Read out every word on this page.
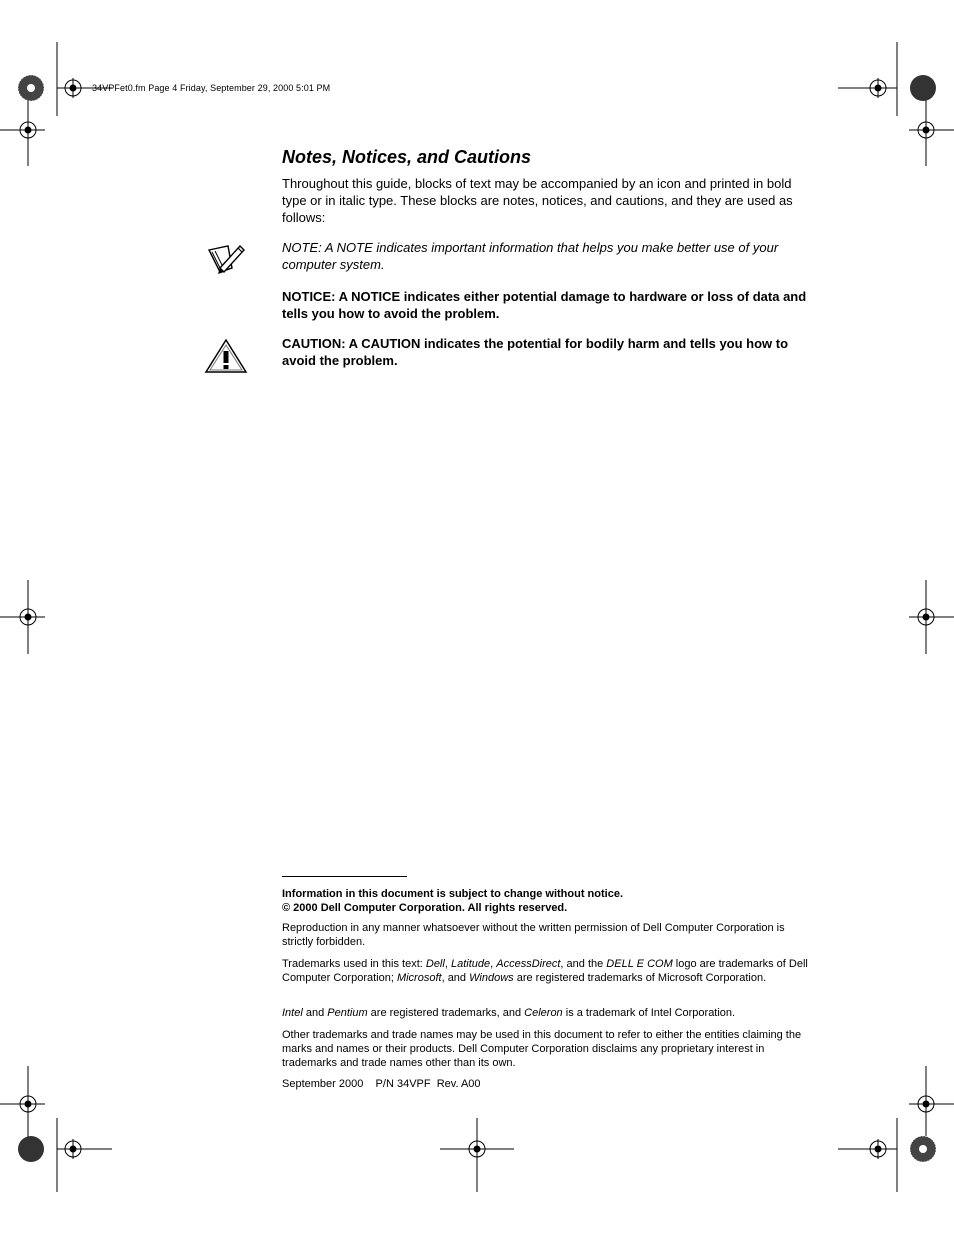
34VPFet0.fm Page 4 Friday, September 29, 2000 5:01 PM
Notes, Notices, and Cautions
Throughout this guide, blocks of text may be accompanied by an icon and printed in bold type or in italic type. These blocks are notes, notices, and cautions, and they are used as follows:
NOTE: A NOTE indicates important information that helps you make better use of your computer system.
NOTICE: A NOTICE indicates either potential damage to hardware or loss of data and tells you how to avoid the problem.
CAUTION: A CAUTION indicates the potential for bodily harm and tells you how to avoid the problem.
Information in this document is subject to change without notice.
© 2000 Dell Computer Corporation. All rights reserved.
Reproduction in any manner whatsoever without the written permission of Dell Computer Corporation is strictly forbidden.
Trademarks used in this text: Dell, Latitude, AccessDirect, and the DELL E COM logo are trademarks of Dell Computer Corporation; Microsoft, and Windows are registered trademarks of Microsoft Corporation.
Intel and Pentium are registered trademarks, and Celeron is a trademark of Intel Corporation.
Other trademarks and trade names may be used in this document to refer to either the entities claiming the marks and names or their products. Dell Computer Corporation disclaims any proprietary interest in trademarks and trade names other than its own.
September 2000    P/N 34VPF  Rev. A00
